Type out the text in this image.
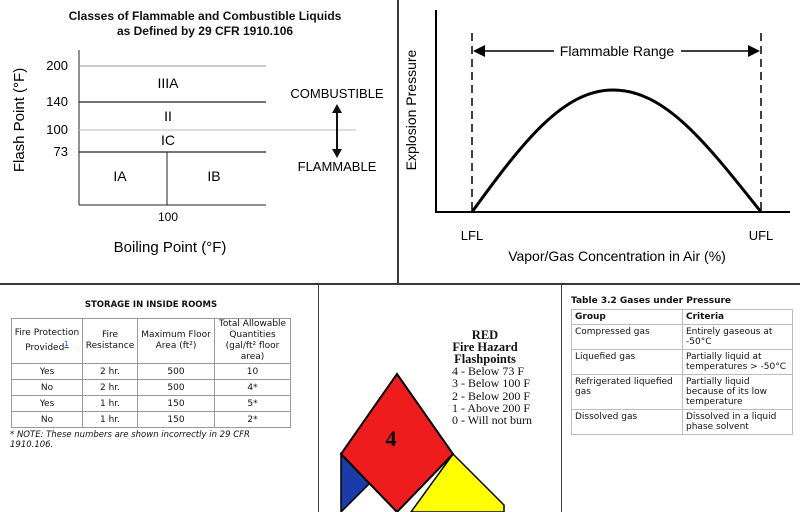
Classes of Flammable and Combustible Liquids
as Defined by 29 CFR 1910.106
200
140
100
73
100
IIIA
II
IC
IA	IB
COMBUSTIBLE
FLAMMABLE
Flash Point (°F)
Boiling Point (°F)
Flammable Range
LFL	UFL
Vapor/Gas Concentration in Air (%)
Explosion Pressure
STORAGE IN INSIDE ROOMS
Fire Protection Provided$^1$	Fire Resistance	Maximum Floor Area (ft²)	Total Allowable Quantities (gal/ft² floor area)
Yes	2 hr.	500	10
No	2 hr.	500	4*
Yes	1 hr.	150	5*
No	1 hr.	150	2*
* NOTE: These numbers are shown incorrectly in 29 CFR 1910.106.
RED
Fire Hazard
Flashpoints
4 - Below 73 F
3 - Below 100 F
2 - Below 200 F
1 - Above 200 F
0 - Will not burn
4
Table 3.2 Gases under Pressure
Group	Criteria
Compressed gas	Entirely gaseous at -50°C
Liquefied gas	Partially liquid at temperatures > -50°C
Refrigerated liquefied gas	Partially liquid because of its low temperature
Dissolved gas	Dissolved in a liquid phase solvent
